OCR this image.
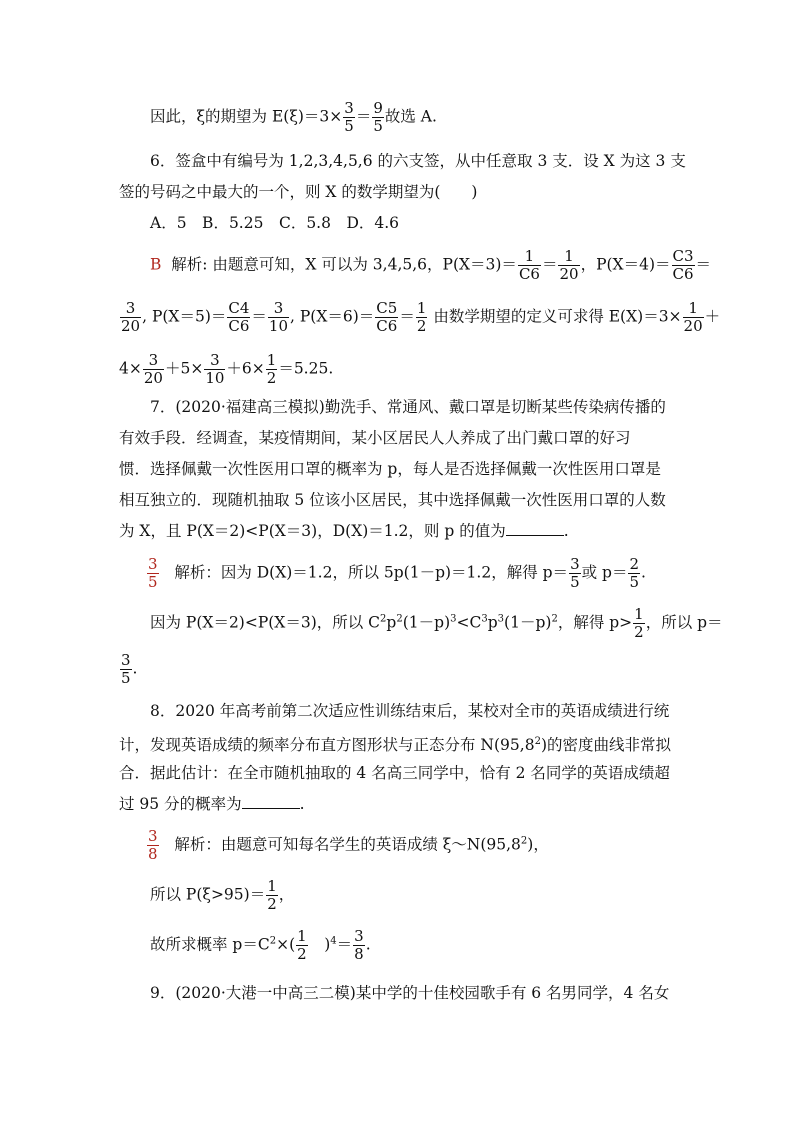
因此，ξ的期望为 $E(\xi)=3\times \frac{3}{5} = \frac{9}{5}$ 故选 A.
6．签盒中有编号为 1,2,3,4,5,6 的六支签，从中任意取 3 支．设 X 为这 3 支
签的号码之中最大的一个，则 X 的数学期望为(　　)
A．5　B．5.25　C．5.8　D．4.6
B 解析: 由题意可知，X 可以为 3,4,5,6，$P(X=3)= \frac{1}{C6} = \frac{1}{20}$ ，$P(X=4)= \frac{C3}{C6}$ ＝
$\frac{3}{20}$ , $P(X=5)= \frac{C4}{C6} = \frac{3}{10}$ , $P(X=6)= \frac{C5}{C6} = \frac{1}{2}$ 由数学期望的定义可求得 $E(X)=3\times \frac{1}{20}$ ＋
$4\times \frac{3}{20} +5\times \frac{3}{10} +6\times \frac{1}{2} =5.25$.
7．(2020·福建高三模拟)勤洗手、常通风、戴口罩是切断某些传染病传播的
有效手段．经调查，某疫情期间，某小区居民人人养成了出门戴口罩的好习
惯．选择佩戴一次性医用口罩的概率为 p，每人是否选择佩戴一次性医用口罩是
相互独立的．现随机抽取 5 位该小区居民，其中选择佩戴一次性医用口罩的人数
为 X，且 P(X＝2)<P(X＝3)，D(X)＝1.2，则 p 的值为	.
$\frac{3}{5}$ 解析：因为 D(X)＝1.2，所以 5p(1－p)＝1.2，解得 $p= \frac{3}{5}$ 或 $p= \frac{2}{5}$ .
因为 P(X＝2)<P(X＝3)，所以 $C^2p^2(1-p)^3<C^3p^3(1-p)^2$，解得 $p> \frac{1}{2}$ ，所以 p＝
$\frac{3}{5}$ .
8．2020 年高考前第二次适应性训练结束后，某校对全市的英语成绩进行统
计，发现英语成绩的频率分布直方图形状与正态分布 N(95,8$^2$)的密度曲线非常拟
合．据此估计：在全市随机抽取的 4 名高三同学中，恰有 2 名同学的英语成绩超
过 95 分的概率为	.
$\frac{3}{8}$ 解析：由题意可知每名学生的英语成绩 ξ～N(95,8$^2$)，
所以 $P(\xi>95)= \frac{1}{2}$ ，
故所求概率 $p=C^2\times( \frac{1}{2}$ 　)$^4= \frac{3}{8}$ .
9．(2020·大港一中高三二模)某中学的十佳校园歌手有 6 名男同学，4 名女
